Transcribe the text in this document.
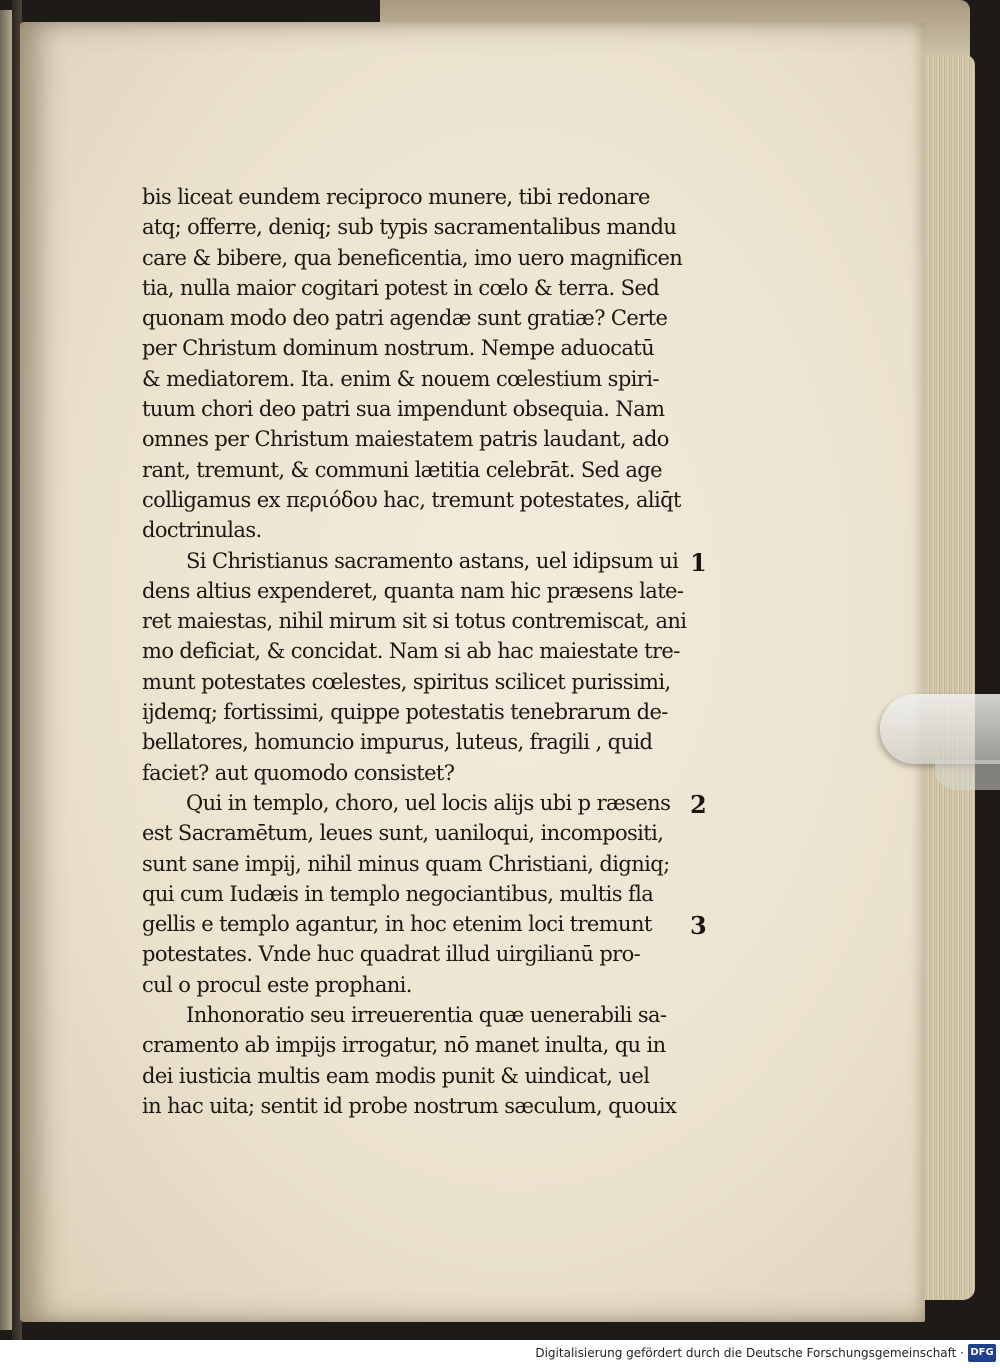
bis liceat eundem reciproco munere, tibi redonare
atq; offerre, deniq; sub typis sacramentalibus mandu
care & bibere, qua beneficentia, imo uero magnificen
tia, nulla maior cogitari potest in cœlo & terra. Sed
quonam modo deo patri agendæ sunt gratiæ? Certe
per Christum dominum nostrum. Nempe aduocatū
& mediatorem. Ita. enim & nouem cœlestium spiri-
tuum chori deo patri sua impendunt obsequia. Nam
omnes per Christum maiestatem patris laudant, ado
rant, tremunt, & communi lætitia celebrāt. Sed age
colligamus ex περιόδου hac, tremunt potestates, aliq̄t
doctrinulas.
Si Christianus sacramento astans, uel idipsum ui
dens altius expenderet, quanta nam hic præsens late-
ret maiestas, nihil mirum sit si totus contremiscat, ani
mo deficiat, & concidat. Nam si ab hac maiestate tre-
munt potestates cœlestes, spiritus scilicet purissimi,
ijdemq; fortissimi, quippe potestatis tenebrarum de-
bellatores, homuncio impurus, luteus, fragili , quid
faciet? aut quomodo consistet?
Qui in templo, choro, uel locis alijs ubi p ræsens
est Sacramētum, leues sunt, uaniloqui, incompositi,
sunt sane impij, nihil minus quam Christiani, digniq;
qui cum Iudæis in templo negociantibus, multis fla
gellis e templo agantur, in hoc etenim loci tremunt
potestates. Vnde huc quadrat illud uirgilianū pro-
cul o procul este prophani.
Inhonoratio seu irreuerentia quæ uenerabili sa-
cramento ab impijs irrogatur, nō manet inulta, qu in
dei iusticia multis eam modis punit & uindicat, uel
in hac uita; sentit id probe nostrum sæculum, quouix
1
2
3
Digitalisierung gefördert durch die Deutsche Forschungsgemeinschaft · DFG
